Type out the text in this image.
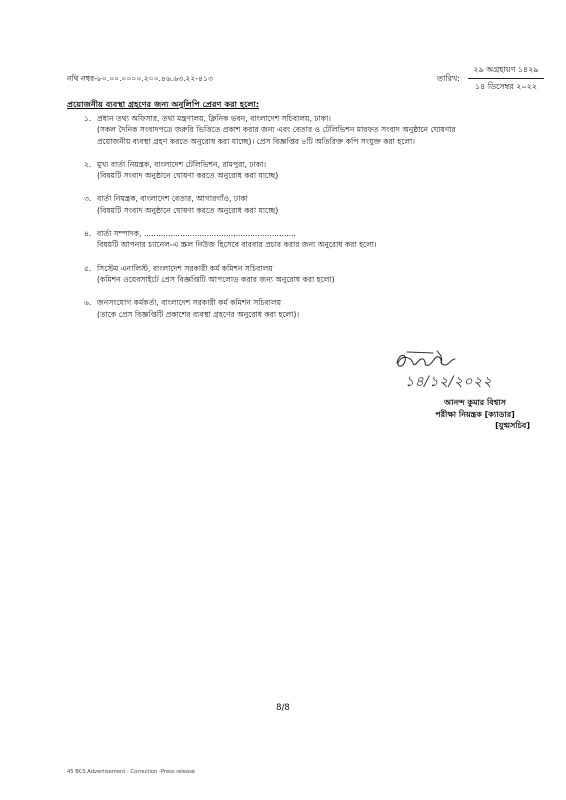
নথি নম্বর-৮০.০০.০০০০.২০০.৪৬.৬৩.২২-৪১৩	তারিখ:
২৯ অগ্রহায়ণ ১৪২৯
১৪ ডিসেম্বর ২০২২
প্রয়োজনীয় ব্যবস্থা গ্রহণের জন্য অনুলিপি প্রেরণ করা হলো:
১. প্রধান তথ্য অফিসার, তথ্য মন্ত্রণালয়, ক্লিনিক ভবন, বাংলাদেশ সচিবালয়, ঢাকা।
(সকল দৈনিক সংবাদপত্রে জরুরি ভিত্তিতে প্রকাশ করার জন্য এবং বেতার ও টেলিভিশন মারফত সংবাদ অনুষ্ঠানে ঘোষণার
প্রয়োজনীয় ব্যবস্থা গ্রহণ করতে অনুরোধ করা যাচ্ছে)। প্রেস বিজ্ঞপ্তির ৪টি অতিরিক্ত কপি সংযুক্ত করা হলো।
২. মুখ্য বার্তা নিয়ন্ত্রক, বাংলাদেশ টেলিভিশন, রামপুরা, ঢাকা।
(বিষয়টি সংবাদ অনুষ্ঠানে ঘোষণা করতে অনুরোধ করা যাচ্ছে)
৩. বার্তা নিয়ন্ত্রক, বাংলাদেশ বেতার, আগারগাঁও, ঢাকা
(বিষয়টি সংবাদ অনুষ্ঠানে ঘোষণা করতে অনুরোধ করা যাচ্ছে)
৪. বার্তা সম্পাদক, ...............................................................
বিষয়টি আপনার চ্যানেল-এ স্ক্রল নিউজ হিসেবে বারবার প্রচার করার জন্য অনুরোধ করা হলো।
৫. সিস্টেম এনালিস্ট, বাংলাদেশ সরকারী কর্ম কমিশন সচিবালয়
(কমিশন ওয়েবসাইটে প্রেস বিজ্ঞপ্তিটি আপলোড করার জন্য অনুরোধ করা হলো)
৬. জনসংযোগ কর্মকর্তা, বাংলাদেশ সরকারী কর্ম কমিশন সচিবালয়
(তাকে প্রেস বিজ্ঞপ্তিটি প্রকাশের ব্যবস্থা গ্রহণের অনুরোধ করা হলো)।
১৪/১২/২০২২
আনন্দ কুমার বিশ্বাস
পরীক্ষা নিয়ন্ত্রক [ক্যাডার]
[যুগ্মসচিব]
8/8
45 BCS Advertisement - Correction -Press release
